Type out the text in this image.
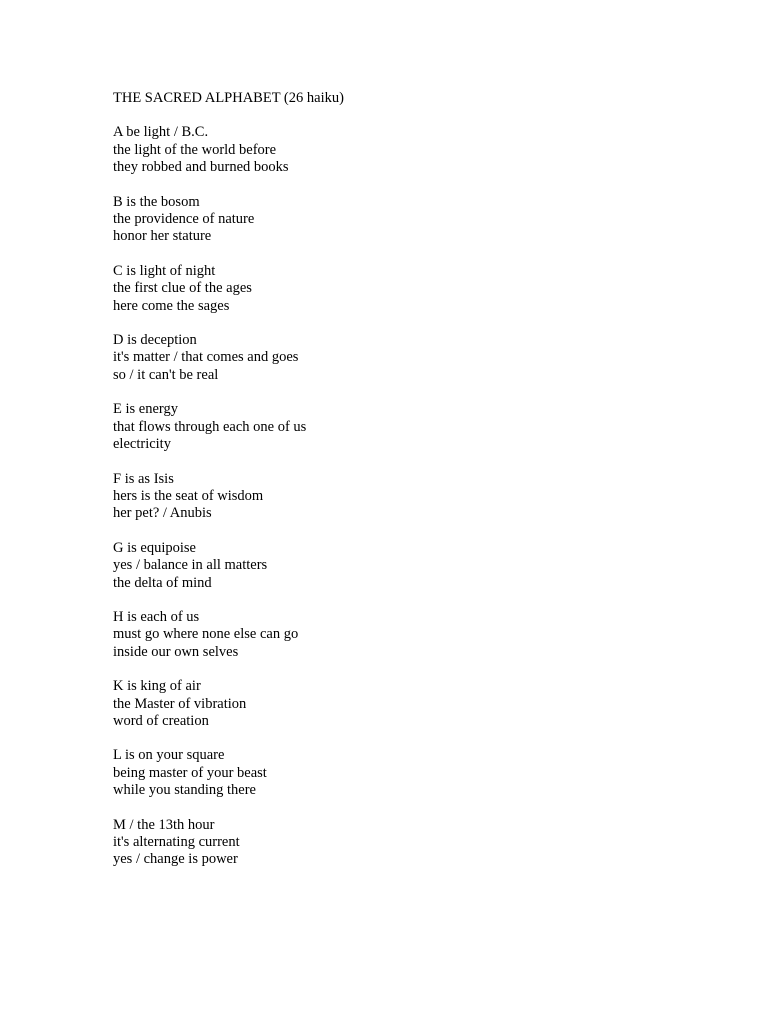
THE SACRED ALPHABET (26 haiku)
A be light / B.C.
the light of the world before
they robbed and burned books
B is the bosom
the providence of nature
honor her stature
C is light of night
the first clue of the ages
here come the sages
D is deception
it's matter / that comes and goes
so / it can't be real
E is energy
that flows through each one of us
electricity
F is as Isis
hers is the seat of wisdom
her pet? / Anubis
G is equipoise
yes / balance in all matters
the delta of mind
H is each of us
must go where none else can go
inside our own selves
K is king of air
the Master of vibration
word of creation
L is on your square
being master of your beast
while you standing there
M / the 13th hour
it's alternating current
yes / change is power
